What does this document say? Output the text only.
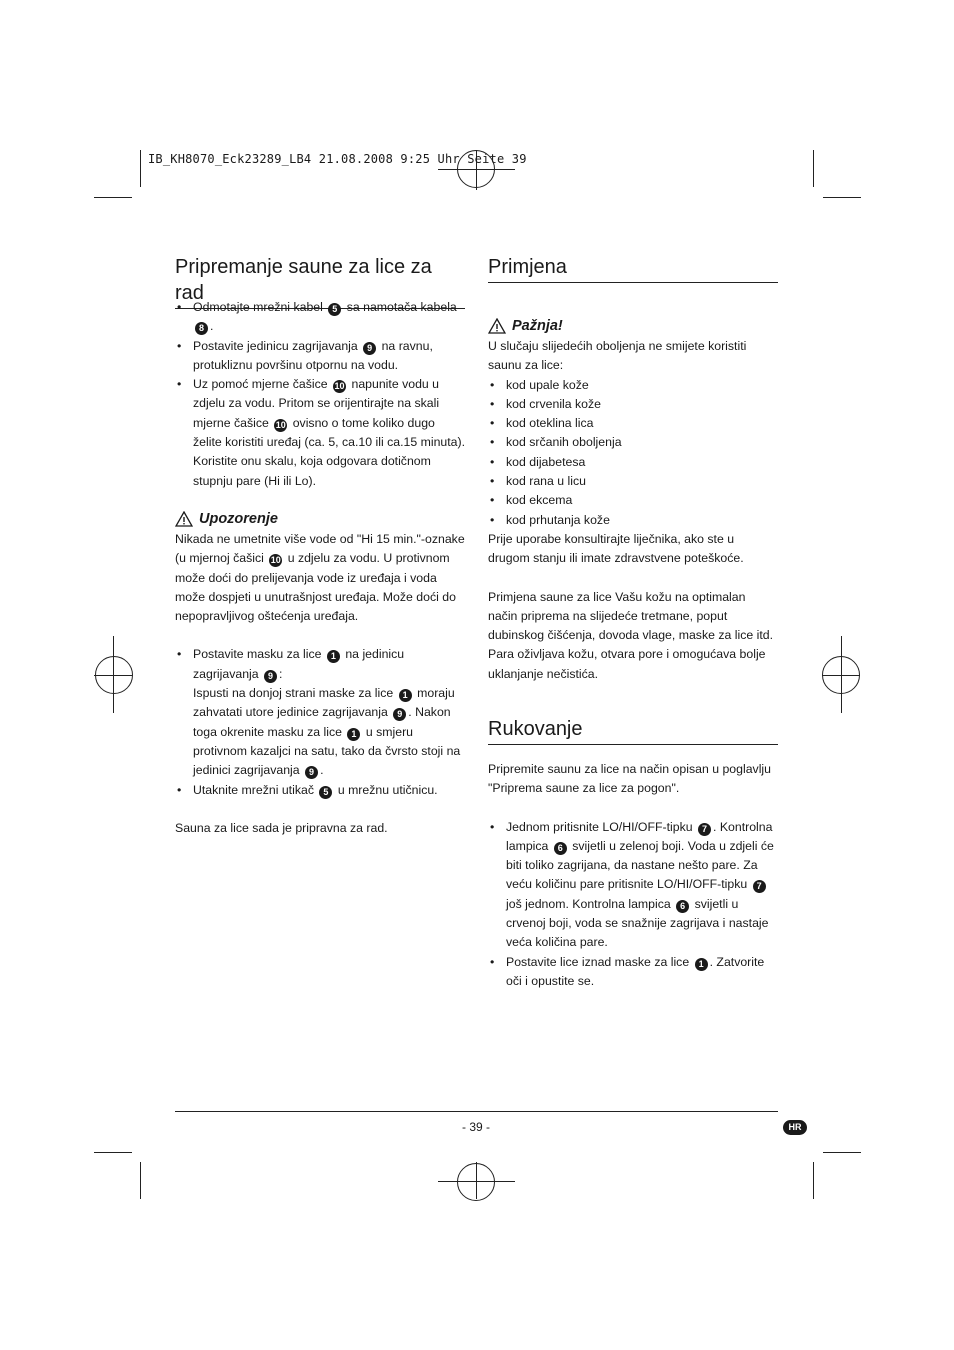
IB_KH8070_Eck23289_LB4 21.08.2008 9:25 Uhr Seite 39
Pripremanje saune za lice za rad
• Odmotajte mrežni kabel 5 sa namotača kabela 8 .
• Postavite jedinicu zagrijavanja 9 na ravnu, protukliznu površinu otpornu na vodu.
• Uz pomoć mjerne čašice 10 napunite vodu u zdjelu za vodu. Pritom se orijentirajte na skali mjerne čašice 10 ovisno o tome koliko dugo želite koristiti uređaj (ca. 5, ca.10 ili ca.15 minuta). Koristite onu skalu, koja odgovara dotičnom stupnju pare (Hi ili Lo).
Upozorenje

Nikada ne umetnite više vode od "Hi 15 min."-oznake (u mjernoj čašici 10 u zdjelu za vodu. U protivnom može doći do prelijevanja vode iz uređaja i voda može dospjeti u unutrašnjost uređaja. Može doći do nepopravljivog oštećenja uređaja.

• Postavite masku za lice 1 na jedinicu zagrijavanja 9 :
Ispusti na donjoj strani maske za lice 1 moraju zahvatati utore jedinice zagrijavanja 9 . Nakon toga okrenite masku za lice 1 u smjeru protivnom kazaljci na satu, tako da čvrsto stoji na jedinici zagrijavanja 9 .
• Utaknite mrežni utikač 5 u mrežnu utičnicu.

Sauna za lice sada je pripravna za rad.

Primjena
Pažnja!

U slučaju slijedećih oboljenja ne smijete koristiti saunu za lice:

• kod upale kože
• kod crvenila kože
• kod oteklina lica
• kod srčanih oboljenja
• kod dijabetesa
• kod rana u licu
• kod ekcema
• kod prhutanja kože

Prije uporabe konsultirajte liječnika, ako ste u drugom stanju ili imate zdravstvene poteškoće.

Primjena saune za lice Vašu kožu na optimalan način priprema na slijedeće tretmane, poput dubinskog čišćenja, dovoda vlage, maske za lice itd. Para oživljava kožu, otvara pore i omogućava bolje uklanjanje nečistića.

Rukovanje

Pripremite saunu za lice na način opisan u poglavlju "Priprema saune za lice za pogon".

• Jednom pritisnite LO/HI/OFF-tipku 7 . Kontrolna lampica 6 svijetli u zelenoj boji. Voda u zdjeli će biti toliko zagrijana, da nastane nešto pare. Za veću količinu pare pritisnite LO/HI/OFF-tipku 7 još jednom. Kontrolna lampica 6 svijetli u crvenoj boji, voda se snažnije zagrijava i nastaje veća količina pare.
• Postavite lice iznad maske za lice 1 . Zatvorite oči i opustite se.
- 39 -	HR
